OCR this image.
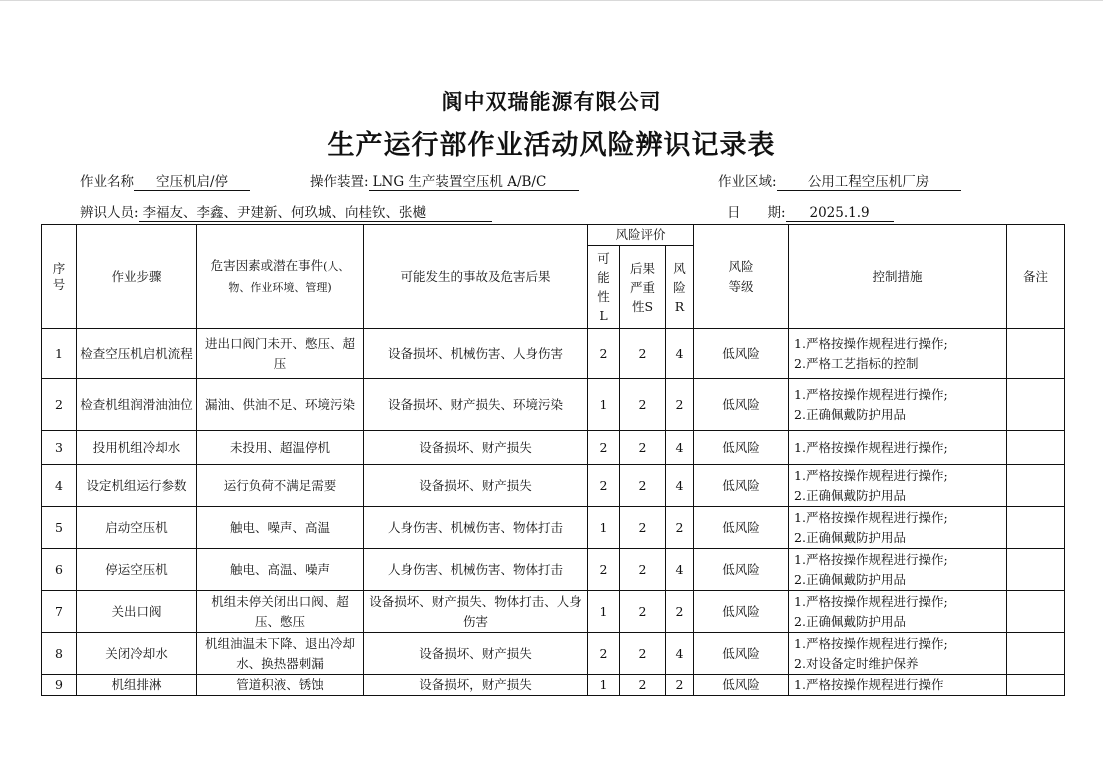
阆中双瑞能源有限公司
生产运行部作业活动风险辨识记录表
作业名称 空压机启/停	操作装置: LNG 生产装置空压机 A/B/C	作业区域: 公用工程空压机厂房
辨识人员: 李福友、李鑫、尹建新、何玖城、向桂钦、张樾	日　　期: 2025.1.9
序号	作业步骤	危害因素或潜在事件(人、物、作业环境、管理)	可能发生的事故及危害后果	风险评价			风险等级	控制措施	备注

				可能性L	后果严重性S	风险R			

1	检查空压机启机流程	进出口阀门未开、憋压、超压	设备损坏、机械伤害、人身伤害	2	2	4	低风险	1.严格按操作规程进行操作;
2.严格工艺指标的控制	

2	检查机组润滑油油位	漏油、供油不足、环境污染	设备损坏、财产损失、环境污染	1	2	2	低风险	1.严格按操作规程进行操作;
2.正确佩戴防护用品	

3	投用机组冷却水	未投用、超温停机	设备损坏、财产损失	2	2	4	低风险	1.严格按操作规程进行操作;	

4	设定机组运行参数	运行负荷不满足需要	设备损坏、财产损失	2	2	4	低风险	1.严格按操作规程进行操作;
2.正确佩戴防护用品	

5	启动空压机	触电、噪声、高温	人身伤害、机械伤害、物体打击	1	2	2	低风险	1.严格按操作规程进行操作;
2.正确佩戴防护用品	

6	停运空压机	触电、高温、噪声	人身伤害、机械伤害、物体打击	2	2	4	低风险	1.严格按操作规程进行操作;
2.正确佩戴防护用品	

7	关出口阀	机组未停关闭出口阀、超压、憋压	设备损坏、财产损失、物体打击、人身伤害	1	2	2	低风险	1.严格按操作规程进行操作;
2.正确佩戴防护用品	

8	关闭冷却水	机组油温未下降、退出冷却水、换热器刺漏	设备损坏、财产损失	2	2	4	低风险	1.严格按操作规程进行操作;
2.对设备定时维护保养	

9	机组排淋	管道积液、锈蚀	设备损坏，财产损失	1	2	2	低风险	1.严格按操作规程进行操作	
